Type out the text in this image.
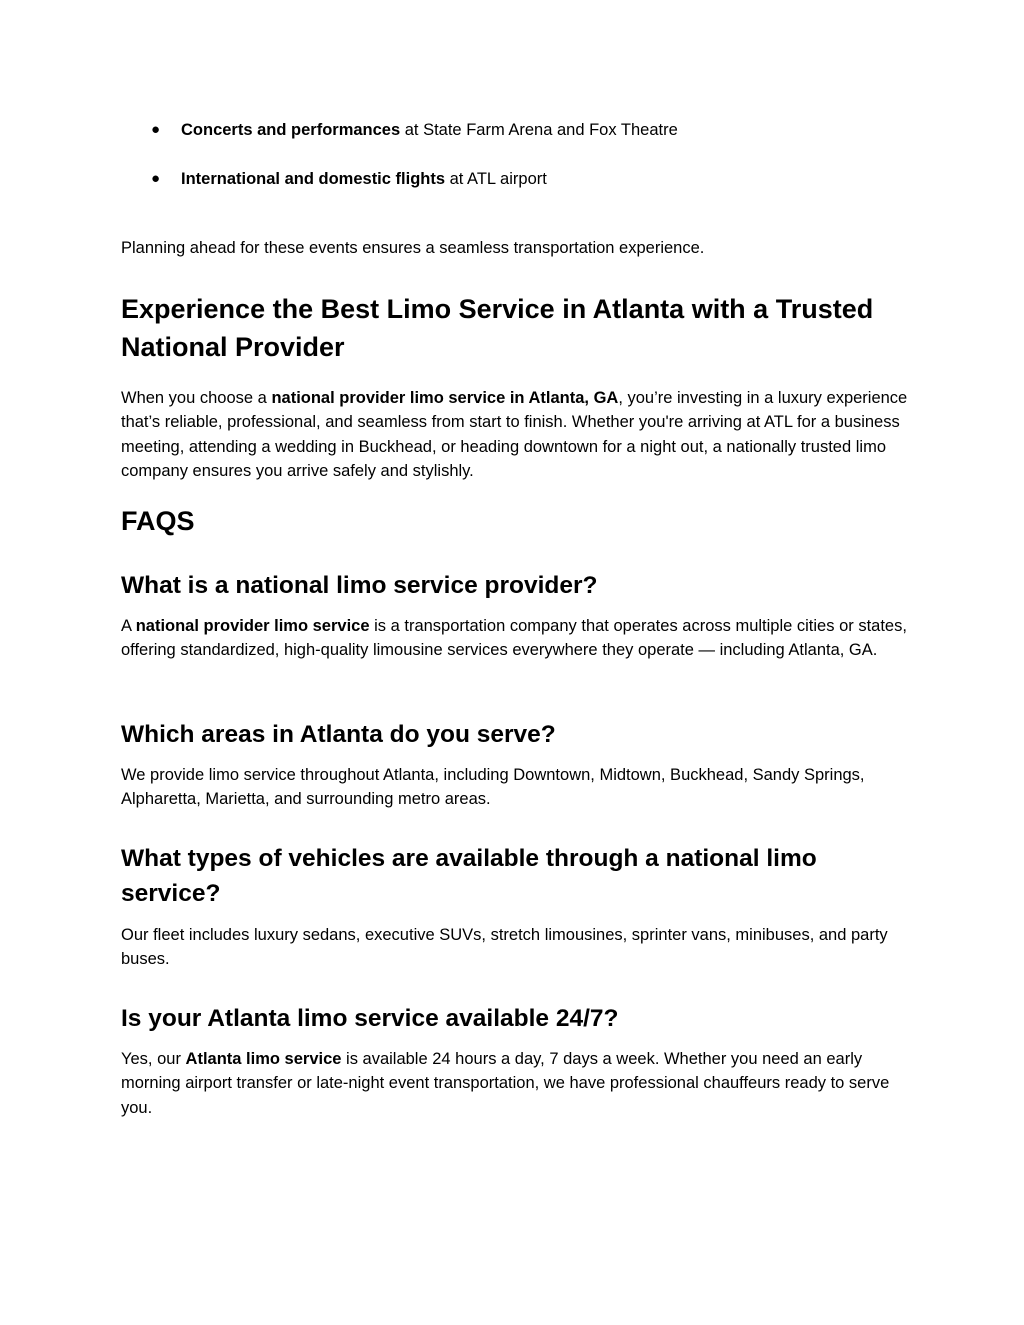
● Concerts and performances at State Farm Arena and Fox Theatre
● International and domestic flights at ATL airport

Planning ahead for these events ensures a seamless transportation experience.

Experience the Best Limo Service in Atlanta with a Trusted National Provider

When you choose a national provider limo service in Atlanta, GA, you’re investing in a luxury experience that’s reliable, professional, and seamless from start to finish. Whether you're arriving at ATL for a business meeting, attending a wedding in Buckhead, or heading downtown for a night out, a nationally trusted limo company ensures you arrive safely and stylishly.

FAQS
What is a national limo service provider?

A national provider limo service is a transportation company that operates across multiple cities or states, offering standardized, high-quality limousine services everywhere they operate — including Atlanta, GA.

Which areas in Atlanta do you serve?

We provide limo service throughout Atlanta, including Downtown, Midtown, Buckhead, Sandy Springs, Alpharetta, Marietta, and surrounding metro areas.

What types of vehicles are available through a national limo service?

Our fleet includes luxury sedans, executive SUVs, stretch limousines, sprinter vans, minibuses, and party buses.

Is your Atlanta limo service available 24/7?

Yes, our Atlanta limo service is available 24 hours a day, 7 days a week. Whether you need an early morning airport transfer or late-night event transportation, we have professional chauffeurs ready to serve you.
